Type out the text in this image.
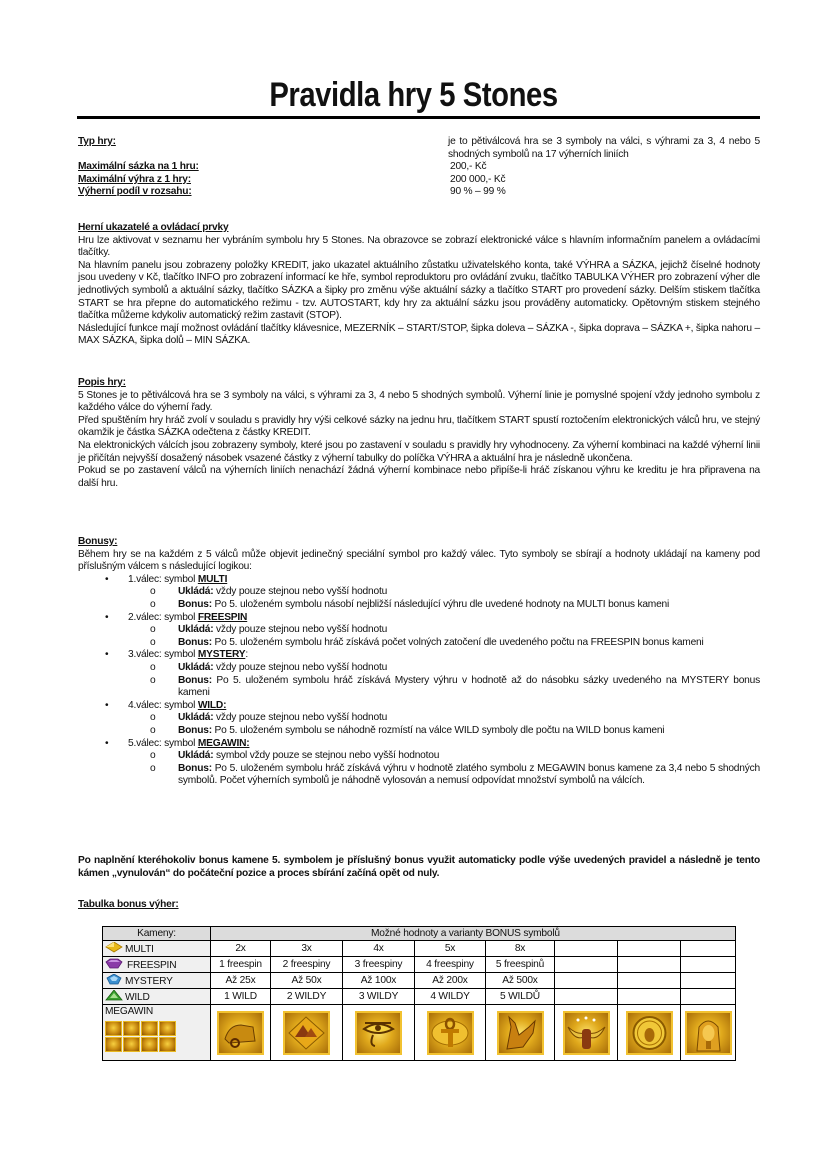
Pravidla hry 5 Stones
Typ hry:	je to pětiválcová hra se 3 symboly na válci, s výhrami za 3, 4 nebo 5 shodných symbolů na 17 výherních liniích
Maximální sázka na 1 hru:	200,- Kč
Maximální výhra z 1 hry:	200 000,- Kč
Výherní podíl v rozsahu:	90 % – 99 %

Herní ukazatelé a ovládací prvky

Hru lze aktivovat v seznamu her vybráním symbolu hry 5 Stones. Na obrazovce se zobrazí elektronické válce s hlavním informačním panelem a ovládacími tlačítky.

Na hlavním panelu jsou zobrazeny položky KREDIT, jako ukazatel aktuálního zůstatku uživatelského konta, také VÝHRA a SÁZKA, jejichž číselné hodnoty jsou uvedeny v Kč, tlačítko INFO pro zobrazení informací ke hře, symbol reproduktoru pro ovládání zvuku, tlačítko TABULKA VÝHER pro zobrazení výher dle jednotlivých symbolů a aktuální sázky, tlačítko SÁZKA a šipky pro změnu výše aktuální sázky a tlačítko START pro provedení sázky. Delším stiskem tlačítka START se hra přepne do automatického režimu - tzv. AUTOSTART, kdy hry za aktuální sázku jsou prováděny automaticky. Opětovným stiskem stejného tlačítka můžeme kdykoliv automatický režim zastavit (STOP).

Následující funkce mají možnost ovládání tlačítky klávesnice, MEZERNÍK – START/STOP, šipka doleva – SÁZKA -, šipka doprava – SÁZKA +, šipka nahoru – MAX SÁZKA, šipka dolů – MIN SÁZKA.

Popis hry:

5 Stones je to pětiválcová hra se 3 symboly na válci, s výhrami za 3, 4 nebo 5 shodných symbolů. Výherní linie je pomyslné spojení vždy jednoho symbolu z každého válce do výherní řady.

Před spuštěním hry hráč zvolí v souladu s pravidly hry výši celkové sázky na jednu hru, tlačítkem START spustí roztočením elektronických válců hru, ve stejný okamžik je částka SÁZKA odečtena z částky KREDIT.

Na elektronických válcích jsou zobrazeny symboly, které jsou po zastavení v souladu s pravidly hry vyhodnoceny. Za výherní kombinaci na každé výherní linii je přičítán nejvyšší dosažený násobek vsazené částky z výherní tabulky do políčka VÝHRA a aktuální hra je následně ukončena.

Pokud se po zastavení válců na výherních liniích nenachází žádná výherní kombinace nebo připíše-li hráč získanou výhru ke kreditu je hra připravena na další hru.

Bonusy:

Během hry se na každém z 5 válců může objevit jedinečný speciální symbol pro každý válec. Tyto symboly se sbírají a hodnoty ukládají na kameny pod příslušným válcem s následující logikou:

• 1.válec: symbol MULTI
o Ukládá: vždy pouze stejnou nebo vyšší hodnotu
o Bonus: Po 5. uloženém symbolu násobí nejbližší následující výhru dle uvedené hodnoty na MULTI bonus kameni
• 2.válec: symbol FREESPIN
o Ukládá: vždy pouze stejnou nebo vyšší hodnotu
o Bonus: Po 5. uloženém symbolu hráč získává počet volných zatočení dle uvedeného počtu na FREESPIN bonus kameni
• 3.válec: symbol MYSTERY:
o Ukládá: vždy pouze stejnou nebo vyšší hodnotu
o Bonus: Po 5. uloženém symbolu hráč získává Mystery výhru v hodnotě až do násobku sázky uvedeného na MYSTERY bonus kameni
• 4.válec: symbol WILD:
o Ukládá: vždy pouze stejnou nebo vyšší hodnotu
o Bonus: Po 5. uloženém symbolu se náhodně rozmístí na válce WILD symboly dle počtu na WILD bonus kameni
• 5.válec: symbol MEGAWIN:
o Ukládá: symbol vždy pouze se stejnou nebo vyšší hodnotou
o Bonus: Po 5. uloženém symbolu hráč získává výhru v hodnotě zlatého symbolu z MEGAWIN bonus kamene za 3,4 nebo 5 shodných symbolů. Počet výherních symbolů je náhodně vylosován a nemusí odpovídat množství symbolů na válcích.
Po naplnění kteréhokoliv bonus kamene 5. symbolem je příslušný bonus využit automaticky podle výše uvedených pravidel a následně je tento kámen „vynulován“ do počáteční pozice a proces sbírání začíná opět od nuly.
Tabulka bonus výher:
Kameny:	Možné hodnoty a varianty BONUS symbolů							
MULTI	2x	3x	4x	5x	8x			
FREESPIN	1 freespin	2 freespiny	3 freespiny	4 freespiny	5 freespinů			
MYSTERY	Až 25x	Až 50x	Až 100x	Až 200x	Až 500x			
WILD	1 WILD	2 WILDY	3 WILDY	4 WILDY	5 WILDŮ			
MEGAWIN
